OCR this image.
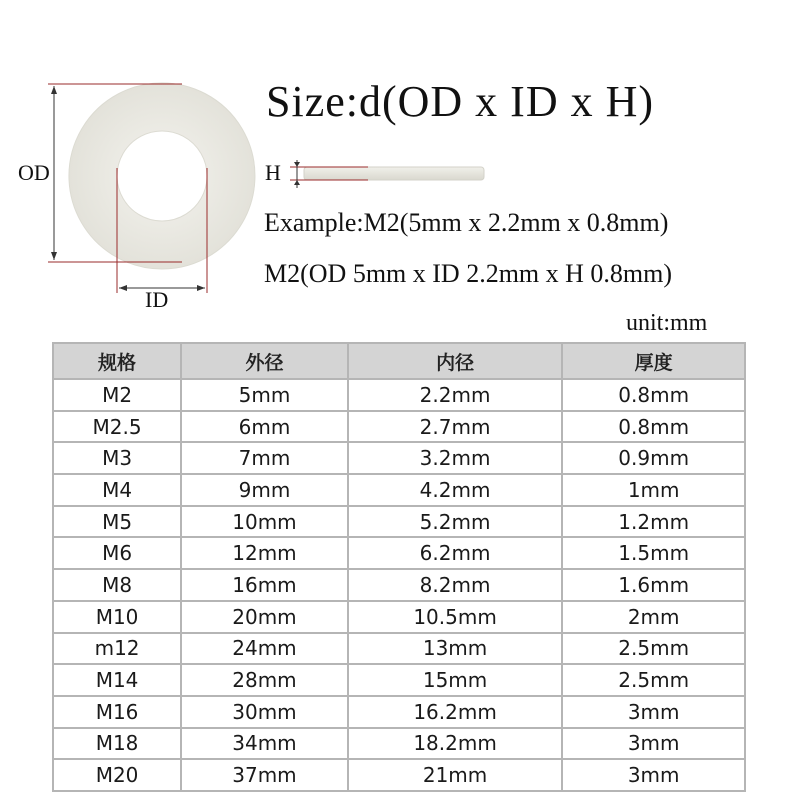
OD
ID
H
Size:d(OD x ID x H)
Example:M2(5mm x 2.2mm x 0.8mm)
M2(OD 5mm x ID 2.2mm x H 0.8mm)
unit:mm
规格	外径	内径	厚度
M2	5mm	2.2mm	0.8mm
M2.5	6mm	2.7mm	0.8mm
M3	7mm	3.2mm	0.9mm
M4	9mm	4.2mm	1mm
M5	10mm	5.2mm	1.2mm
M6	12mm	6.2mm	1.5mm
M8	16mm	8.2mm	1.6mm
M10	20mm	10.5mm	2mm
m12	24mm	13mm	2.5mm
M14	28mm	15mm	2.5mm
M16	30mm	16.2mm	3mm
M18	34mm	18.2mm	3mm
M20	37mm	21mm	3mm
